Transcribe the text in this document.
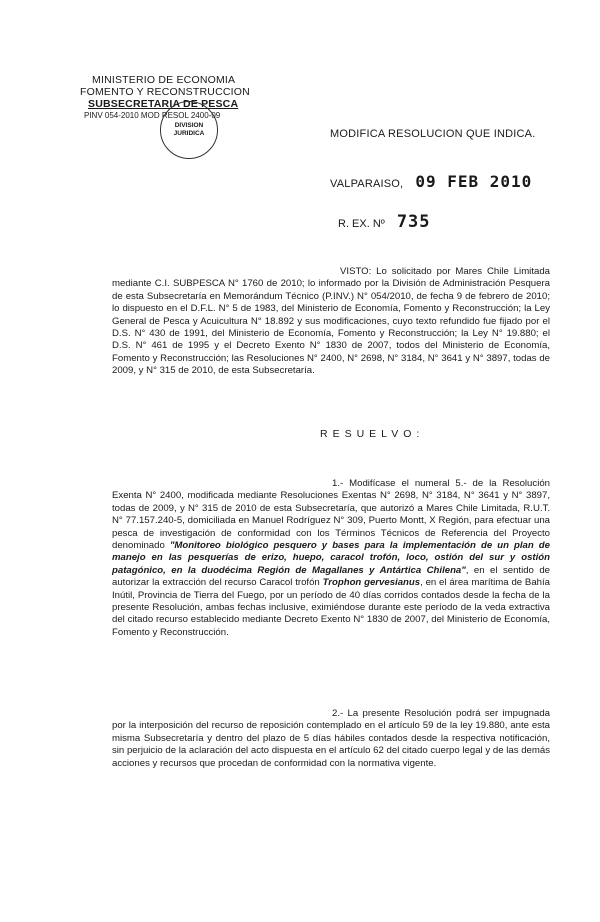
MINISTERIO DE ECONOMIA
FOMENTO Y RECONSTRUCCION
SUBSECRETARIA DE PESCA
PINV 054-2010 MOD RESOL 2400-09
DIVISION
JURIDICA	MODIFICA RESOLUCION QUE INDICA.
VALPARAISO, 09 FEB 2010
R. EX. Nº 735
VISTO: Lo solicitado por Mares Chile Limitada mediante C.I. SUBPESCA N° 1760 de 2010; lo informado por la División de Administración Pesquera de esta Subsecretaría en Memorándum Técnico (P.INV.) N° 054/2010, de fecha 9 de febrero de 2010; lo dispuesto en el D.F.L. N° 5 de 1983, del Ministerio de Economía, Fomento y Reconstrucción; la Ley General de Pesca y Acuicultura N° 18.892 y sus modificaciones, cuyo texto refundido fue fijado por el D.S. N° 430 de 1991, del Ministerio de Economía, Fomento y Reconstrucción; la Ley N° 19.880; el D.S. N° 461 de 1995 y el Decreto Exento N° 1830 de 2007, todos del Ministerio de Economía, Fomento y Reconstrucción; las Resoluciones N° 2400, N° 2698, N° 3184, N° 3641 y N° 3897, todas de 2009, y N° 315 de 2010, de esta Subsecretaría.
RESUELVO:
1.- Modifícase el numeral 5.- de la Resolución Exenta N° 2400, modificada mediante Resoluciones Exentas N° 2698, N° 3184, N° 3641 y N° 3897, todas de 2009, y N° 315 de 2010 de esta Subsecretaría, que autorizó a Mares Chile Limitada, R.U.T. N° 77.157.240-5, domiciliada en Manuel Rodríguez N° 309, Puerto Montt, X Región, para efectuar una pesca de investigación de conformidad con los Términos Técnicos de Referencia del Proyecto denominado "Monitoreo biológico pesquero y bases para la implementación de un plan de manejo en las pesquerías de erizo, huepo, caracol trofón, loco, ostión del sur y ostión patagónico, en la duodécima Región de Magallanes y Antártica Chilena", en el sentido de autorizar la extracción del recurso Caracol trofón Trophon gervesianus, en el área marítima de Bahía Inútil, Provincia de Tierra del Fuego, por un período de 40 días corridos contados desde la fecha de la presente Resolución, ambas fechas inclusive, eximiéndose durante este período de la veda extractiva del citado recurso establecido mediante Decreto Exento N° 1830 de 2007, del Ministerio de Economía, Fomento y Reconstrucción.
2.- La presente Resolución podrá ser impugnada por la interposición del recurso de reposición contemplado en el artículo 59 de la ley 19.880, ante esta misma Subsecretaría y dentro del plazo de 5 días hábiles contados desde la respectiva notificación, sin perjuicio de la aclaración del acto dispuesta en el artículo 62 del citado cuerpo legal y de las demás acciones y recursos que procedan de conformidad con la normativa vigente.
